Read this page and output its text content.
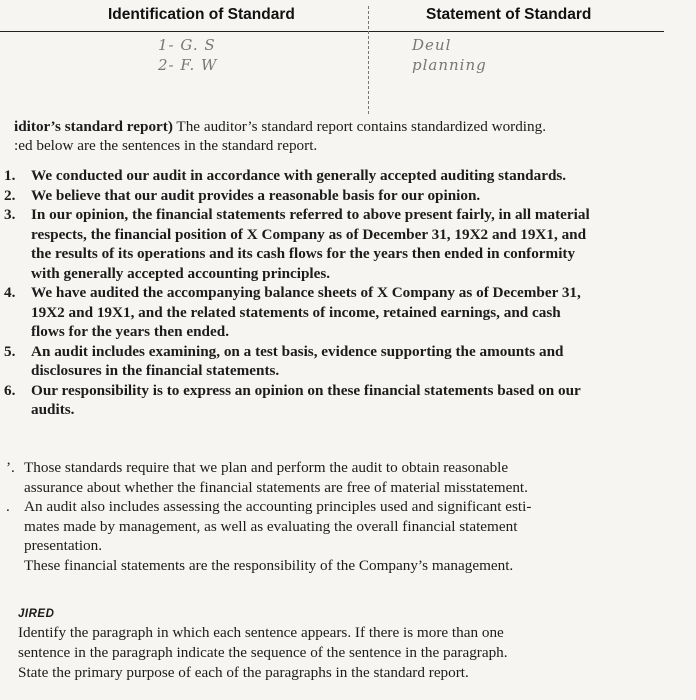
Identification of Standard	Statement of Standard
1- G. S
2- F. W
Deul
planning
iditor’s standard report) The auditor’s standard report contains standardized wording.
:ed below are the sentences in the standard report.
1. We conducted our audit in accordance with generally accepted auditing standards.
2. We believe that our audit provides a reasonable basis for our opinion.
3. In our opinion, the financial statements referred to above present fairly, in all material
respects, the financial position of X Company as of December 31, 19X2 and 19X1, and
the results of its operations and its cash flows for the years then ended in conformity
with generally accepted accounting principles.
4. We have audited the accompanying balance sheets of X Company as of December 31,
19X2 and 19X1, and the related statements of income, retained earnings, and cash
flows for the years then ended.
5. An audit includes examining, on a test basis, evidence supporting the amounts and
disclosures in the financial statements.
6. Our responsibility is to express an opinion on these financial statements based on our
audits.
’. Those standards require that we plan and perform the audit to obtain reasonable
assurance about whether the financial statements are free of material misstatement.
. An audit also includes assessing the accounting principles used and significant esti-
mates made by management, as well as evaluating the overall financial statement
presentation.
These financial statements are the responsibility of the Company’s management.
JIRED
Identify the paragraph in which each sentence appears. If there is more than one
sentence in the paragraph indicate the sequence of the sentence in the paragraph.
State the primary purpose of each of the paragraphs in the standard report.
